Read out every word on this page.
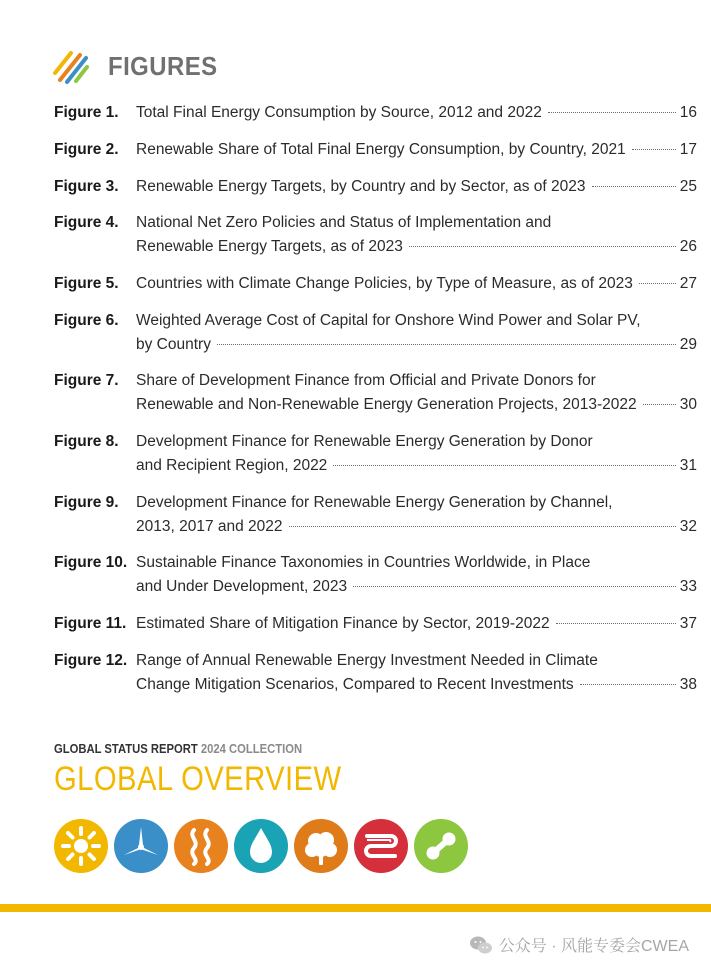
FIGURES
Figure 1.	Total Final Energy Consumption by Source, 2012 and 2022	16
Figure 2.	Renewable Share of Total Final Energy Consumption, by Country, 2021	17
Figure 3.	Renewable Energy Targets, by Country and by Sector, as of 2023	25
Figure 4.	National Net Zero Policies and Status of Implementation and
Renewable Energy Targets, as of 2023	26
Figure 5.	Countries with Climate Change Policies, by Type of Measure, as of 2023	27
Figure 6.	Weighted Average Cost of Capital for Onshore Wind Power and Solar PV,
by Country	29
Figure 7.	Share of Development Finance from Official and Private Donors for
Renewable and Non-Renewable Energy Generation Projects, 2013-2022	30
Figure 8.	Development Finance for Renewable Energy Generation by Donor
and Recipient Region, 2022	31
Figure 9.	Development Finance for Renewable Energy Generation by Channel,
2013, 2017 and 2022	32
Figure 10. Sustainable Finance Taxonomies in Countries Worldwide, in Place
and Under Development, 2023	33
Figure 11. Estimated Share of Mitigation Finance by Sector, 2019-2022	37
Figure 12. Range of Annual Renewable Energy Investment Needed in Climate
Change Mitigation Scenarios, Compared to Recent Investments	38
GLOBAL STATUS REPORT 2024 COLLECTION
GLOBAL OVERVIEW
公众号 · 风能专委会CWEA
